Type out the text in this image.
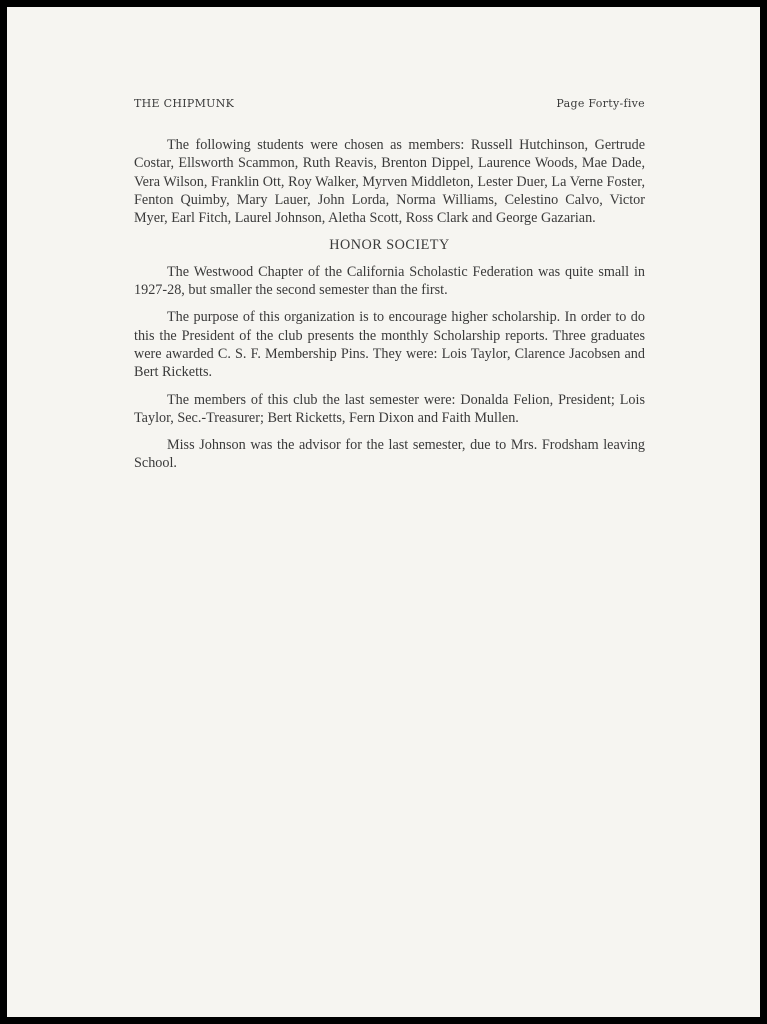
THE CHIPMUNK	Page Forty-five

The following students were chosen as members: Russell Hutchinson, Gertrude Costar, Ellsworth Scammon, Ruth Reavis, Brenton Dippel, Laurence Woods, Mae Dade, Vera Wilson, Franklin Ott, Roy Walker, Myrven Middleton, Lester Duer, La Verne Foster, Fenton Quimby, Mary Lauer, John Lorda, Norma Williams, Celestino Calvo, Victor Myer, Earl Fitch, Laurel Johnson, Aletha Scott, Ross Clark and George Gazarian.

HONOR SOCIETY

The Westwood Chapter of the California Scholastic Federation was quite small in 1927-28, but smaller the second semester than the first.

The purpose of this organization is to encourage higher scholarship. In order to do this the President of the club presents the monthly Scholarship reports. Three graduates were awarded C. S. F. Membership Pins. They were: Lois Taylor, Clarence Jacobsen and Bert Ricketts.

The members of this club the last semester were: Donalda Felion, President; Lois Taylor, Sec.-Treasurer; Bert Ricketts, Fern Dixon and Faith Mullen.

Miss Johnson was the advisor for the last semester, due to Mrs. Frodsham leaving School.
